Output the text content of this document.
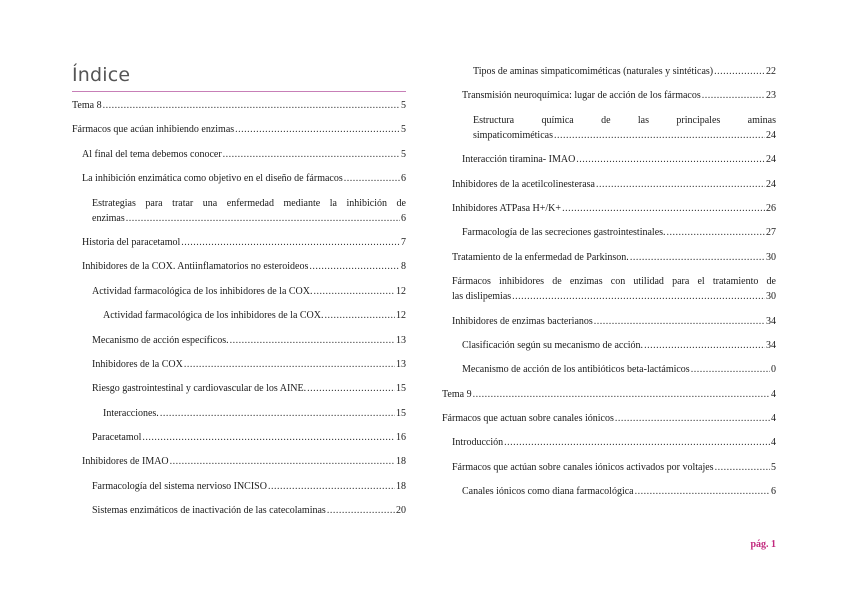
Índice
Tema 8 .....	5
Fármacos que acúan inhibiendo enzimas .....	5
Al final del tema debemos conocer .....	5
La inhibición enzimática como objetivo en el diseño de fármacos .....	6
Estrategias para tratar una enfermedad mediante la inhibición de
enzimas .....	6
Historia del paracetamol .....	7
Inhibidores de la COX. Antiinflamatorios no esteroideos .....	8
Actividad farmacológica de los inhibidores de la COX. .....	12
Actividad farmacológica de los inhibidores de la COX. .....	12
Mecanismo de acción específicos. .....	13
Inhibidores de la COX .....	13
Riesgo gastrointestinal y cardiovascular de los AINE. .....	15
Interacciones. .....	15
Paracetamol .....	16
Inhibidores de IMAO .....	18
Farmacología del sistema nervioso INCISO .....	18
Sistemas enzimáticos de inactivación de las catecolaminas .....	20
Tipos de aminas simpaticomiméticas (naturales y sintéticas) .....	22
Transmisión neuroquímica: lugar de acción de los fármacos .....	23
Estructura química de las principales aminas
simpaticomiméticas .....	24
Interacción tiramina- IMAO .....	24
Inhibidores de la acetilcolinesterasa .....	24
Inhibidores ATPasa H+/K+ .....	26
Farmacología de las secreciones gastrointestinales. .....	27
Tratamiento de la enfermedad de Parkinson. .....	30
Fármacos inhibidores de enzimas con utilidad para el tratamiento de
las dislipemias .....	30
Inhibidores de enzimas bacterianos .....	34
Clasificación según su mecanismo de acción. .....	34
Mecanismo de acción de los antibióticos beta-lactámicos .....	0
Tema 9 .....	4
Fármacos que actuan sobre canales iónicos .....	4
Introducción .....	4
Fármacos que actúan sobre canales iónicos activados por voltajes .....	5
Canales iónicos como diana farmacológica .....	6
pág. 1
